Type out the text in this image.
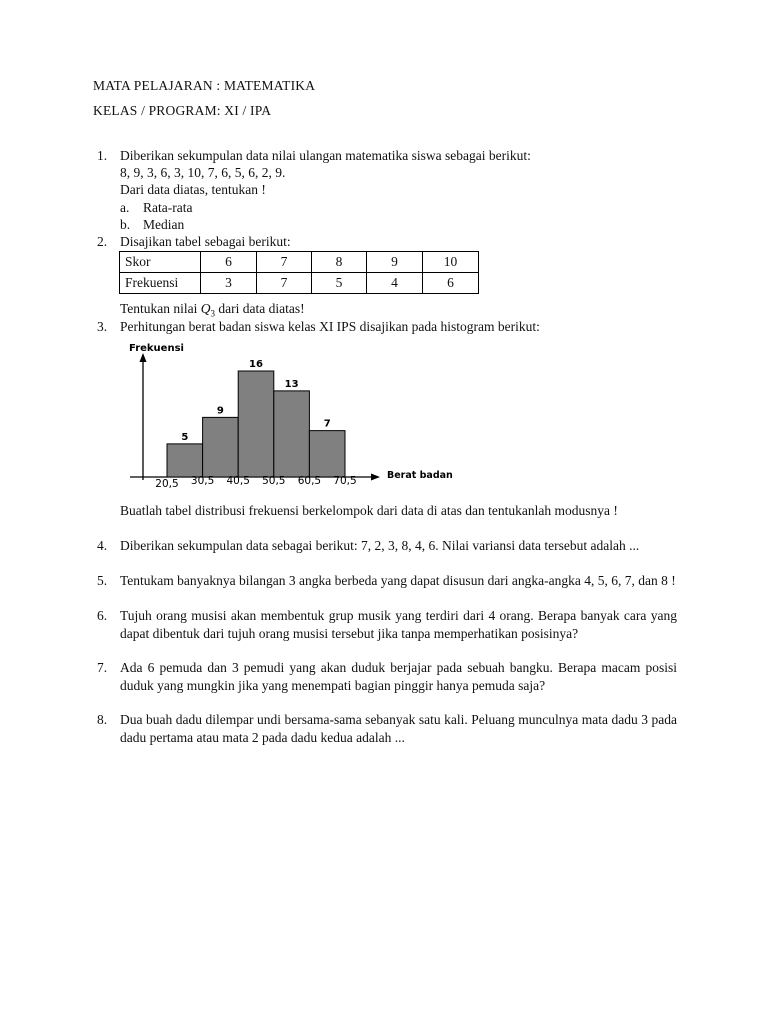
MATA PELAJARAN : MATEMATIKA
KELAS / PROGRAM: XI / IPA
1. Diberikan sekumpulan data nilai ulangan matematika siswa sebagai berikut:
8, 9, 3, 6, 3, 10, 7, 6, 5, 6, 2, 9.
Dari data diatas, tentukan !
a. Rata-rata
b. Median
2. Disajikan tabel sebagai berikut:
Skor	6	7	8	9	10
Frekuensi	3	7	5	4	6
Tentukan nilai $Q_3$ dari data diatas!
3. Perhitungan berat badan siswa kelas XI IPS disajikan pada histogram berikut:
Frekuensi
Berat badan
5
9
16
13
7
20,5 30,5 40,5 50,5 60,5 70,5
Buatlah tabel distribusi frekuensi berkelompok dari data di atas dan tentukanlah modusnya !
4. Diberikan sekumpulan data sebagai berikut: 7, 2, 3, 8, 4, 6. Nilai variansi data tersebut adalah ...
5. Tentukam banyaknya bilangan 3 angka berbeda yang dapat disusun dari angka-angka 4, 5, 6, 7, dan 8 !
6. Tujuh orang musisi akan membentuk grup musik yang terdiri dari 4 orang. Berapa banyak cara yang dapat dibentuk dari tujuh orang musisi tersebut jika tanpa memperhatikan posisinya?
7. Ada 6 pemuda dan 3 pemudi yang akan duduk berjajar pada sebuah bangku. Berapa macam posisi duduk yang mungkin jika yang menempati bagian pinggir hanya pemuda saja?
8. Dua buah dadu dilempar undi bersama-sama sebanyak satu kali. Peluang munculnya mata dadu 3 pada dadu pertama atau mata 2 pada dadu kedua adalah ...
